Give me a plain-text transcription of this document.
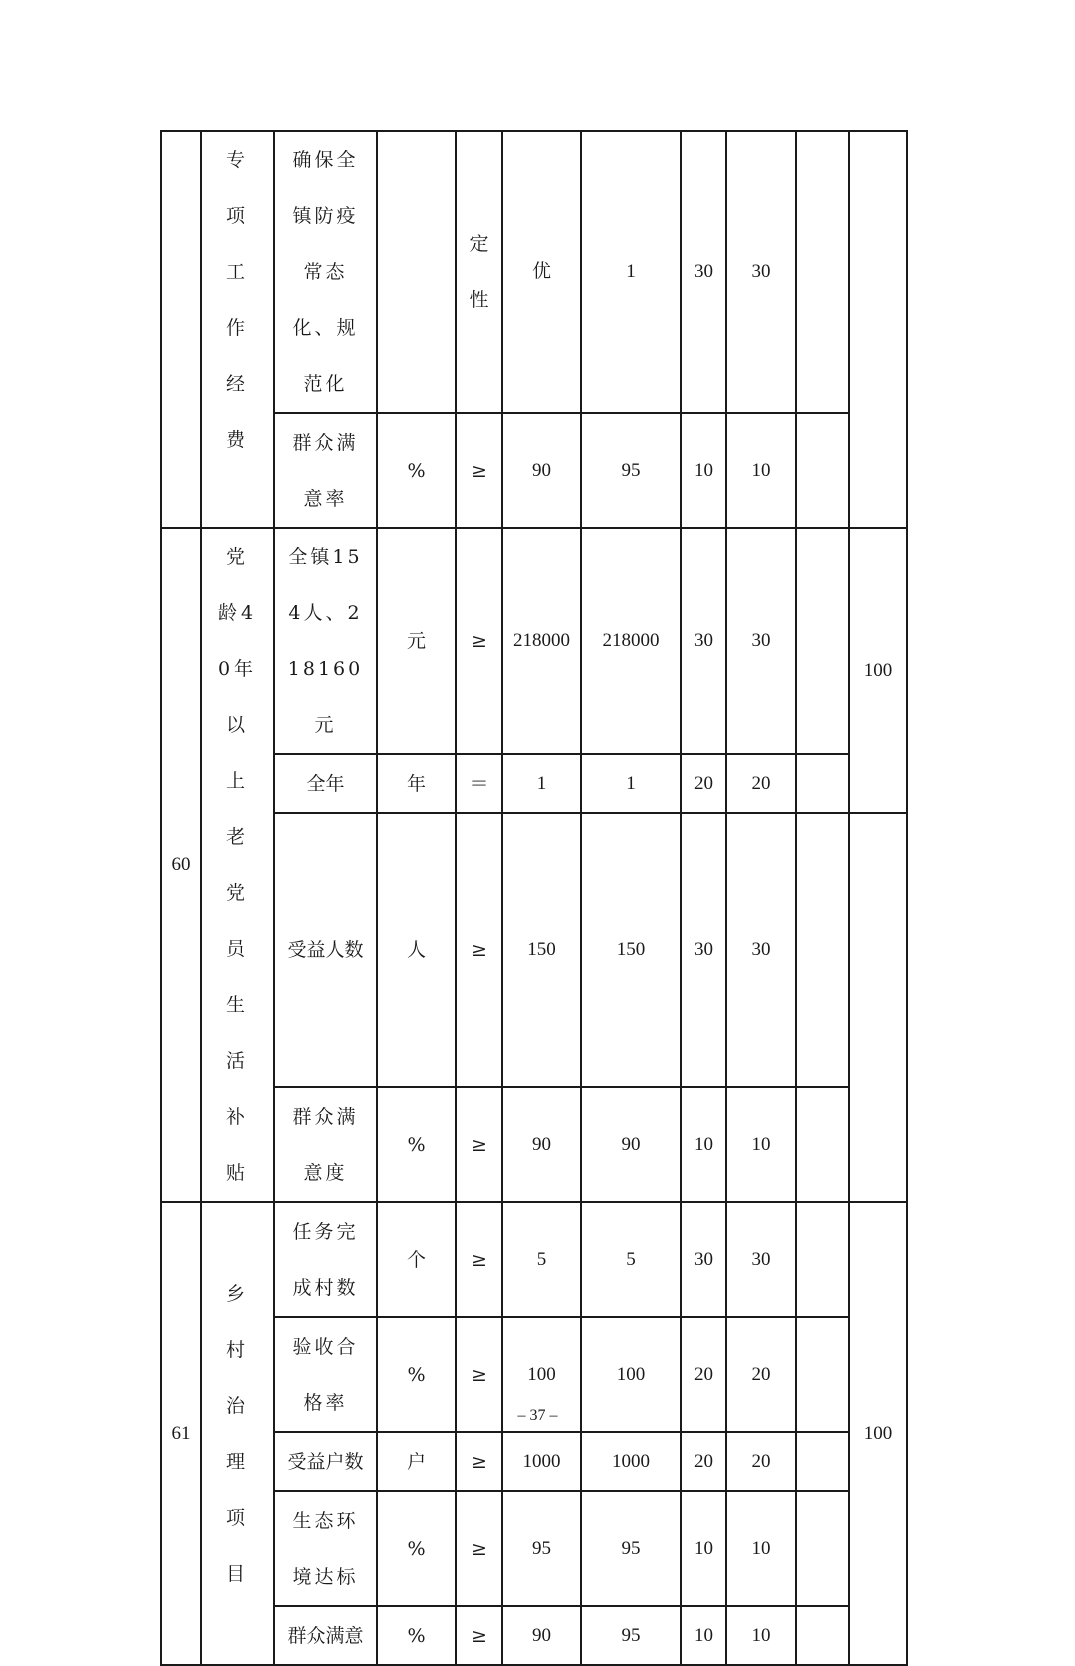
	专项工作经费	确保全镇防疫常态化、规范化		定性	优	1	30	30		
		群众满意率	%	≥	90	95	10	10		
60	党龄40年以上老党员生活补贴	全镇154人、218160元	元	≥	218000	218000	30	30		100
		全年	年	＝	1	1	20	20		
		受益人数	人	≥	150	150	30	30		
		群众满意度	%	≥	90	90	10	10		
61	乡村治理项目	任务完成村数	个	≥	5	5	30	30		100
		验收合格率	%	≥	100	100	20	20		
		受益户数	户	≥	1000	1000	20	20		
		生态环境达标	%	≥	95	95	10	10		
		群众满意	%	≥	90	95	10	10		
– 37 –
